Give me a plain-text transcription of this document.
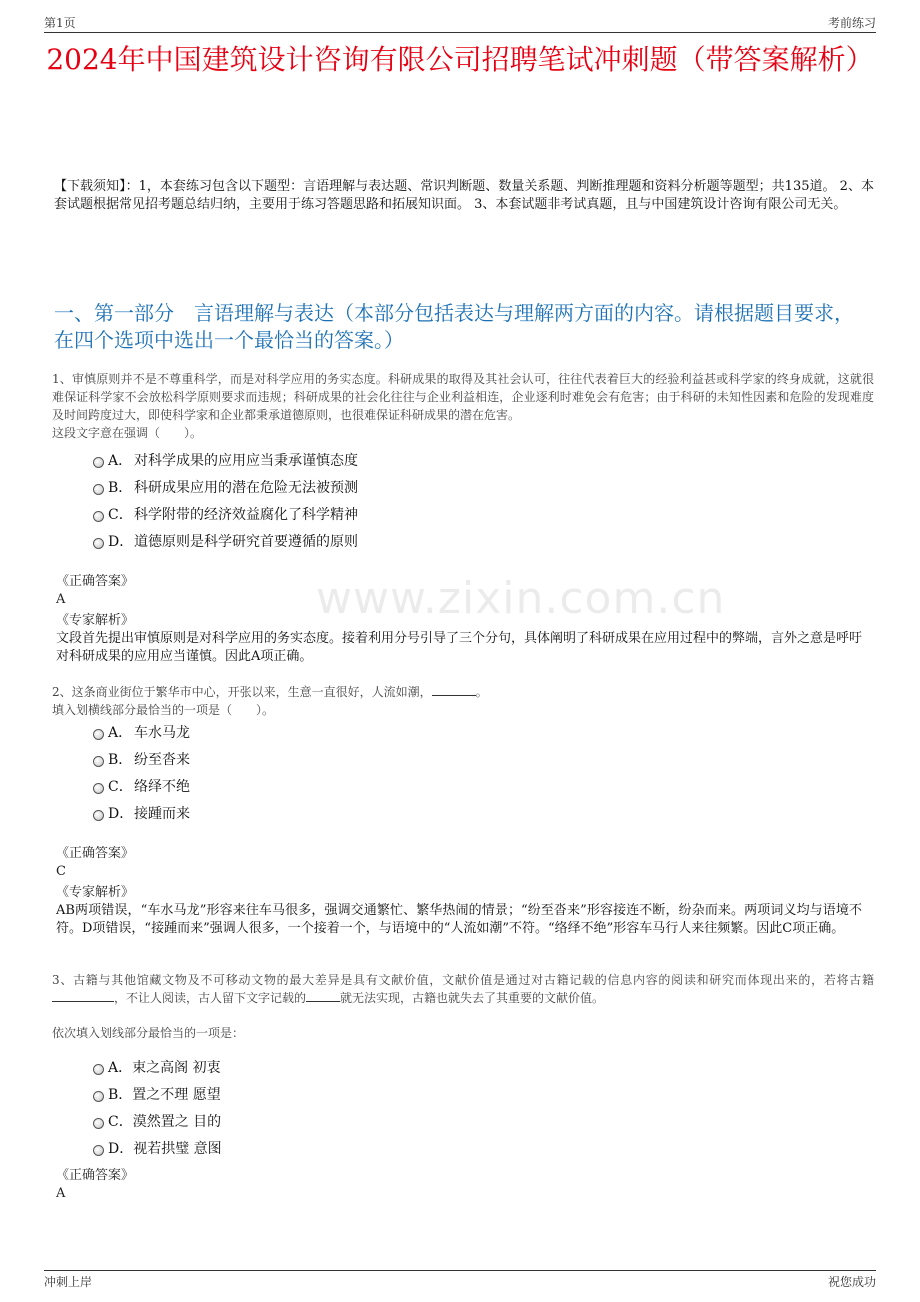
第1页	考前练习
2024年中国建筑设计咨询有限公司招聘笔试冲刺题（带答案解析）
【下载须知】：1，本套练习包含以下题型：言语理解与表达题、常识判断题、数量关系题、判断推理题和资料分析题等题型；共135道。 2、本套试题根据常见招考题总结归纳，主要用于练习答题思路和拓展知识面。 3、本套试题非考试真题，且与中国建筑设计咨询有限公司无关。
一、第一部分　言语理解与表达（本部分包括表达与理解两方面的内容。请根据题目要求，在四个选项中选出一个最恰当的答案。）
1、审慎原则并不是不尊重科学，而是对科学应用的务实态度。科研成果的取得及其社会认可，往往代表着巨大的经验利益甚或科学家的终身成就，这就很难保证科学家不会放松科学原则要求而违规；科研成果的社会化往往与企业利益相连，企业逐利时难免会有危害；由于科研的未知性因素和危险的发现难度及时间跨度过大，即使科学家和企业都秉承道德原则，也很难保证科研成果的潜在危害。
这段文字意在强调（　　）。
A． 对科学成果的应用应当秉承谨慎态度
B． 科研成果应用的潜在危险无法被预测
C．科学附带的经济效益腐化了科学精神
D．道德原则是科学研究首要遵循的原则
《正确答案》
A
《专家解析》	www.zixin.com.cn
文段首先提出审慎原则是对科学应用的务实态度。接着利用分号引导了三个分句，具体阐明了科研成果在应用过程中的弊端，言外之意是呼吁对科研成果的应用应当谨慎。因此A项正确。
2、这条商业街位于繁华市中心，开张以来，生意一直很好，人流如潮，	。
填入划横线部分最恰当的一项是（　　）。
A． 车水马龙
B． 纷至沓来
C．络绎不绝
D．接踵而来
《正确答案》
C
《专家解析》
AB两项错误，“车水马龙”形容来往车马很多，强调交通繁忙、繁华热闹的情景；“纷至沓来”形容接连不断，纷杂而来。两项词义均与语境不符。D项错误，“接踵而来”强调人很多，一个接着一个，与语境中的“人流如潮”不符。“络绎不绝”形容车马行人来往频繁。因此C项正确。
3、古籍与其他馆藏文物及不可移动文物的最大差异是具有文献价值，文献价值是通过对古籍记载的信息内容的阅读和研究而体现出来的，若将古籍，不让人阅读，古人留下文字记载的	就无法实现，古籍也就失去了其重要的文献价值。
依次填入划线部分最恰当的一项是：
A．束之高阁 初衷
B．置之不理 愿望
C．漠然置之 目的
D．视若拱璧 意图
《正确答案》
A
冲刺上岸	祝您成功
